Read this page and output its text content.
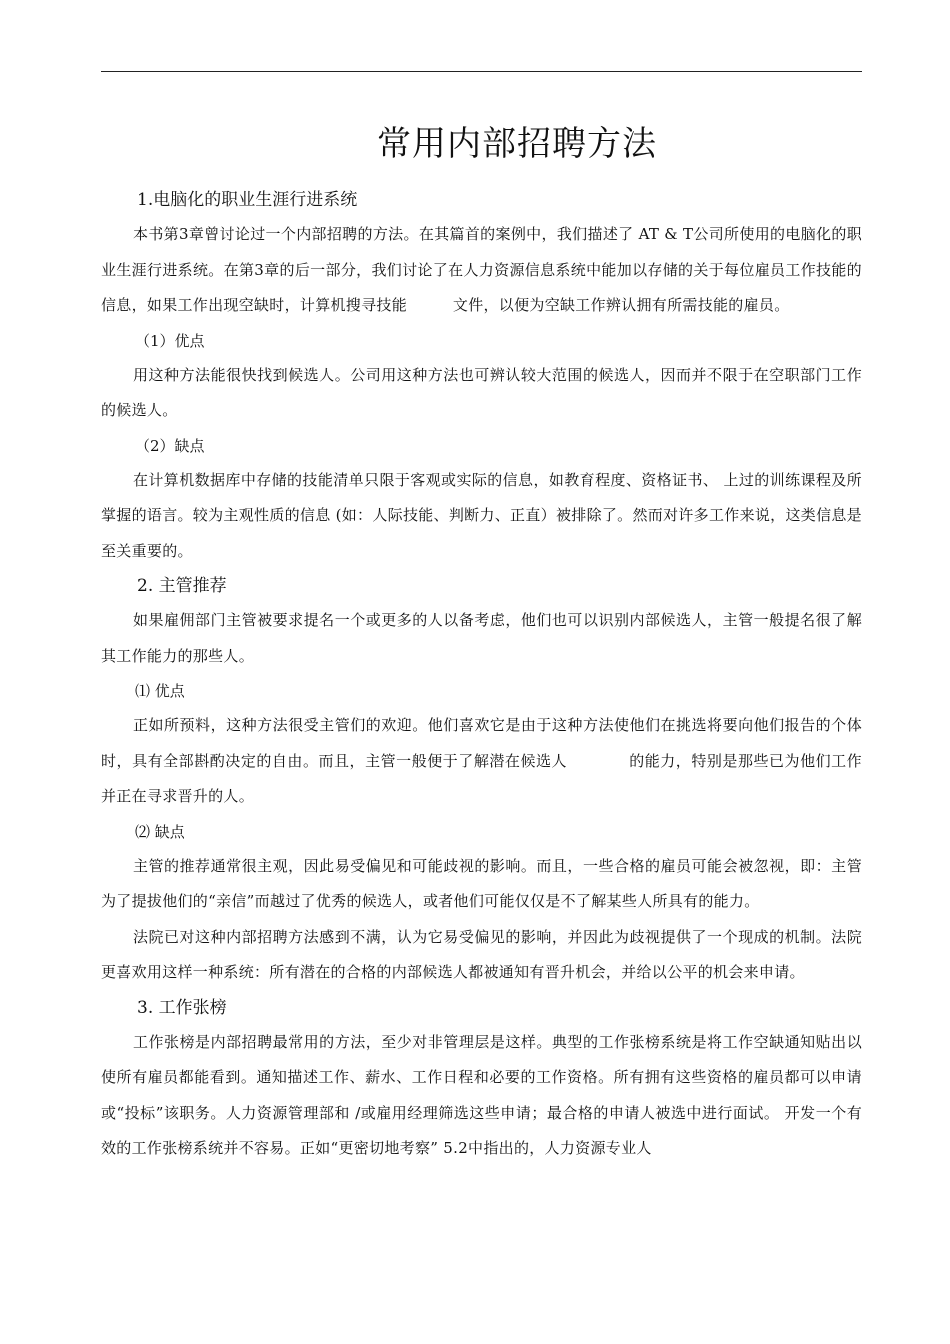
常用内部招聘方法
1.电脑化的职业生涯行进系统
本书第3章曾讨论过一个内部招聘的方法。在其篇首的案例中，我们描述了 AT & T公司所使用的电脑化的职业生涯行进系统。在第3章的后一部分，我们讨论了在人力资源信息系统中能加以存储的关于每位雇员工作技能的信息，如果工作出现空缺时，计算机搜寻技能　　　文件，以便为空缺工作辨认拥有所需技能的雇员。
（1）优点
用这种方法能很快找到候选人。公司用这种方法也可辨认较大范围的候选人，因而并不限于在空职部门工作的候选人。
（2）缺点
在计算机数据库中存储的技能清单只限于客观或实际的信息，如教育程度、资格证书、 上过的训练课程及所掌握的语言。较为主观性质的信息 (如：人际技能、判断力、正直）被排除了。然而对许多工作来说，这类信息是至关重要的。
2. 主管推荐
如果雇佣部门主管被要求提名一个或更多的人以备考虑，他们也可以识别内部候选人，主管一般提名很了解其工作能力的那些人。
⑴ 优点
正如所预料，这种方法很受主管们的欢迎。他们喜欢它是由于这种方法使他们在挑选将要向他们报告的个体时，具有全部斟酌决定的自由。而且，主管一般便于了解潜在候选人　　　　的能力，特别是那些已为他们工作并正在寻求晋升的人。
⑵ 缺点
主管的推荐通常很主观，因此易受偏见和可能歧视的影响。而且，一些合格的雇员可能会被忽视，即：主管为了提拔他们的“亲信”而越过了优秀的候选人，或者他们可能仅仅是不了解某些人所具有的能力。
法院已对这种内部招聘方法感到不满，认为它易受偏见的影响，并因此为歧视提供了一个现成的机制。法院更喜欢用这样一种系统：所有潜在的合格的内部候选人都被通知有晋升机会，并给以公平的机会来申请。
3. 工作张榜
工作张榜是内部招聘最常用的方法，至少对非管理层是这样。典型的工作张榜系统是将工作空缺通知贴出以使所有雇员都能看到。通知描述工作、薪水、工作日程和必要的工作资格。所有拥有这些资格的雇员都可以申请或“投标”该职务。人力资源管理部和 /或雇用经理筛选这些申请；最合格的申请人被选中进行面试。 开发一个有效的工作张榜系统并不容易。正如“更密切地考察” 5.2中指出的，人力资源专业人
